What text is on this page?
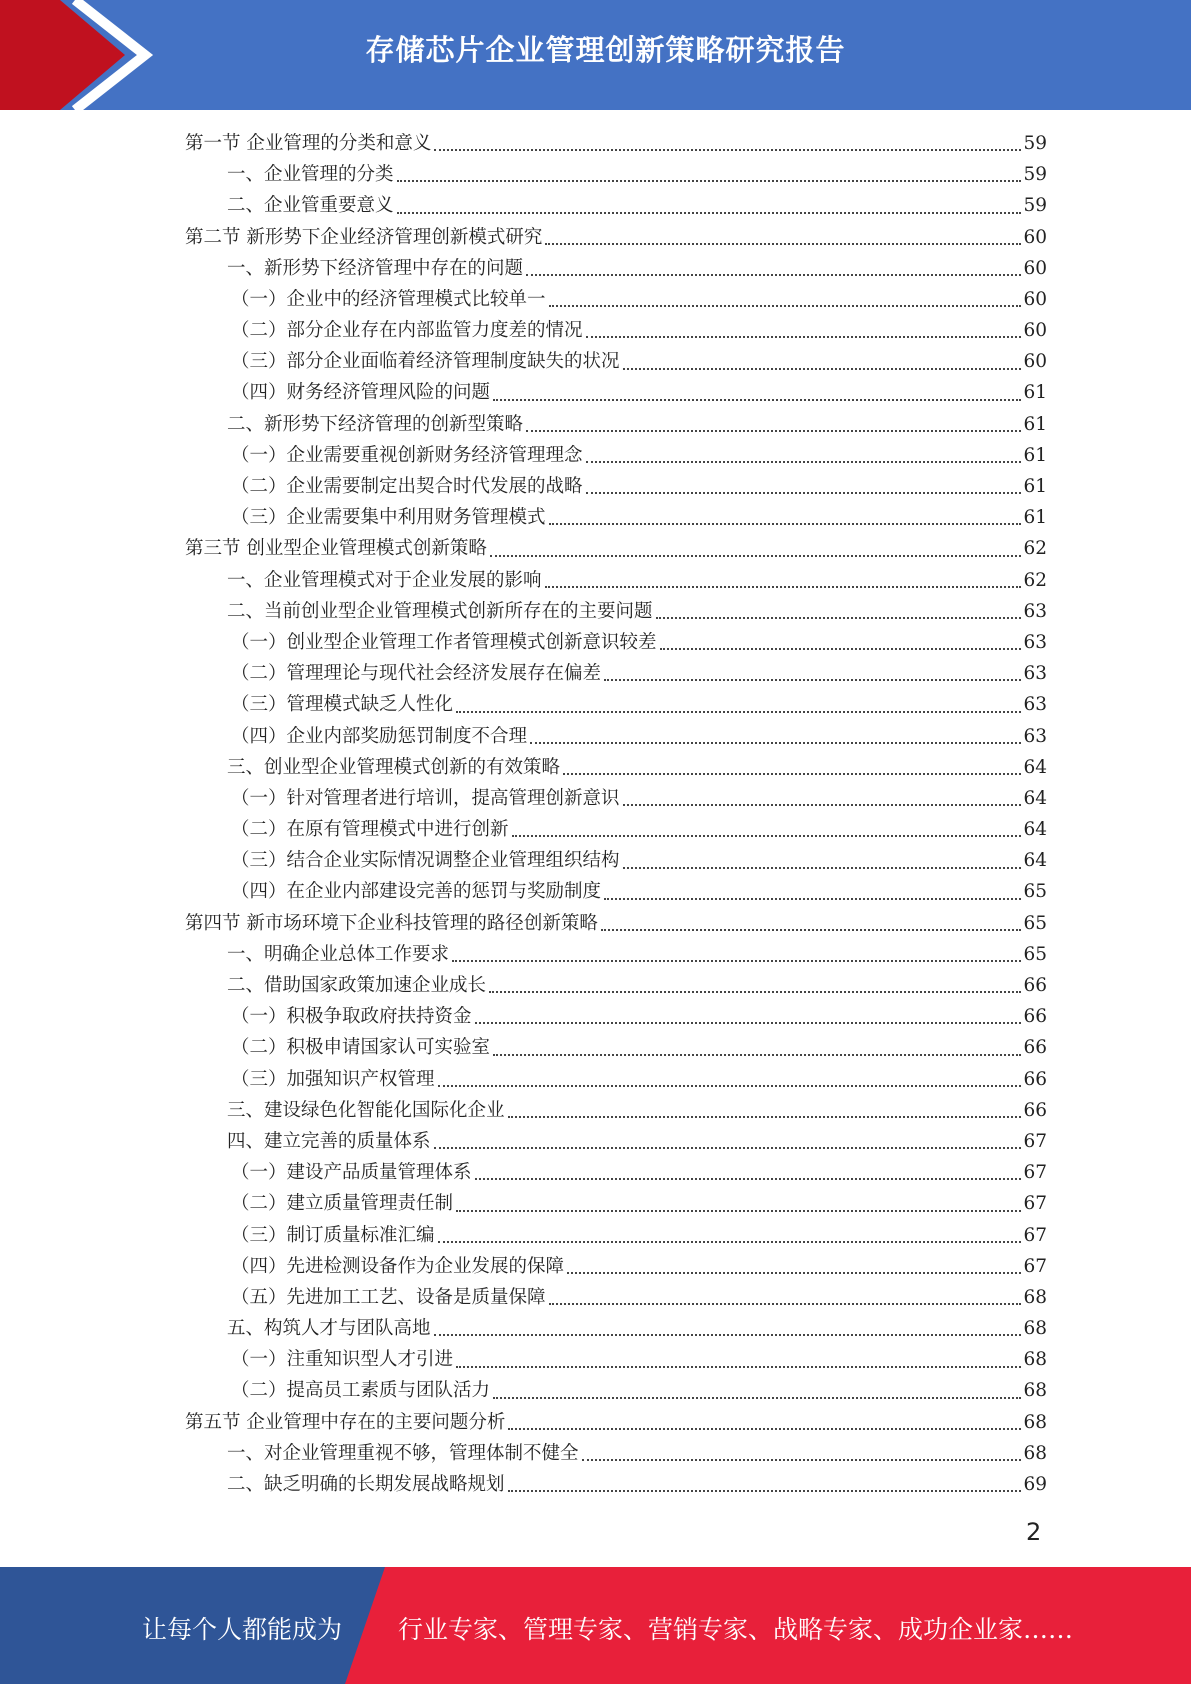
存储芯片企业管理创新策略研究报告
第一节 企业管理的分类和意义	59
一、企业管理的分类	59
二、企业管重要意义	59
第二节 新形势下企业经济管理创新模式研究	60
一、新形势下经济管理中存在的问题	60
（一）企业中的经济管理模式比较单一	60
（二）部分企业存在内部监管力度差的情况	60
（三）部分企业面临着经济管理制度缺失的状况	60
（四）财务经济管理风险的问题	61
二、新形势下经济管理的创新型策略	61
（一）企业需要重视创新财务经济管理理念	61
（二）企业需要制定出契合时代发展的战略	61
（三）企业需要集中利用财务管理模式	61
第三节 创业型企业管理模式创新策略	62
一、企业管理模式对于企业发展的影响	62
二、当前创业型企业管理模式创新所存在的主要问题	63
（一）创业型企业管理工作者管理模式创新意识较差	63
（二）管理理论与现代社会经济发展存在偏差	63
（三）管理模式缺乏人性化	63
（四）企业内部奖励惩罚制度不合理	63
三、创业型企业管理模式创新的有效策略	64
（一）针对管理者进行培训，提高管理创新意识	64
（二）在原有管理模式中进行创新	64
（三）结合企业实际情况调整企业管理组织结构	64
（四）在企业内部建设完善的惩罚与奖励制度	65
第四节 新市场环境下企业科技管理的路径创新策略	65
一、明确企业总体工作要求	65
二、借助国家政策加速企业成长	66
（一）积极争取政府扶持资金	66
（二）积极申请国家认可实验室	66
（三）加强知识产权管理	66
三、建设绿色化智能化国际化企业	66
四、建立完善的质量体系	67
（一）建设产品质量管理体系	67
（二）建立质量管理责任制	67
（三）制订质量标准汇编	67
（四）先进检测设备作为企业发展的保障	67
（五）先进加工工艺、设备是质量保障	68
五、构筑人才与团队高地	68
（一）注重知识型人才引进	68
（二）提高员工素质与团队活力	68
第五节 企业管理中存在的主要问题分析	68
一、对企业管理重视不够，管理体制不健全	68
二、缺乏明确的长期发展战略规划	69
2
让每个人都能成为 行业专家、管理专家、营销专家、战略专家、成功企业家……
